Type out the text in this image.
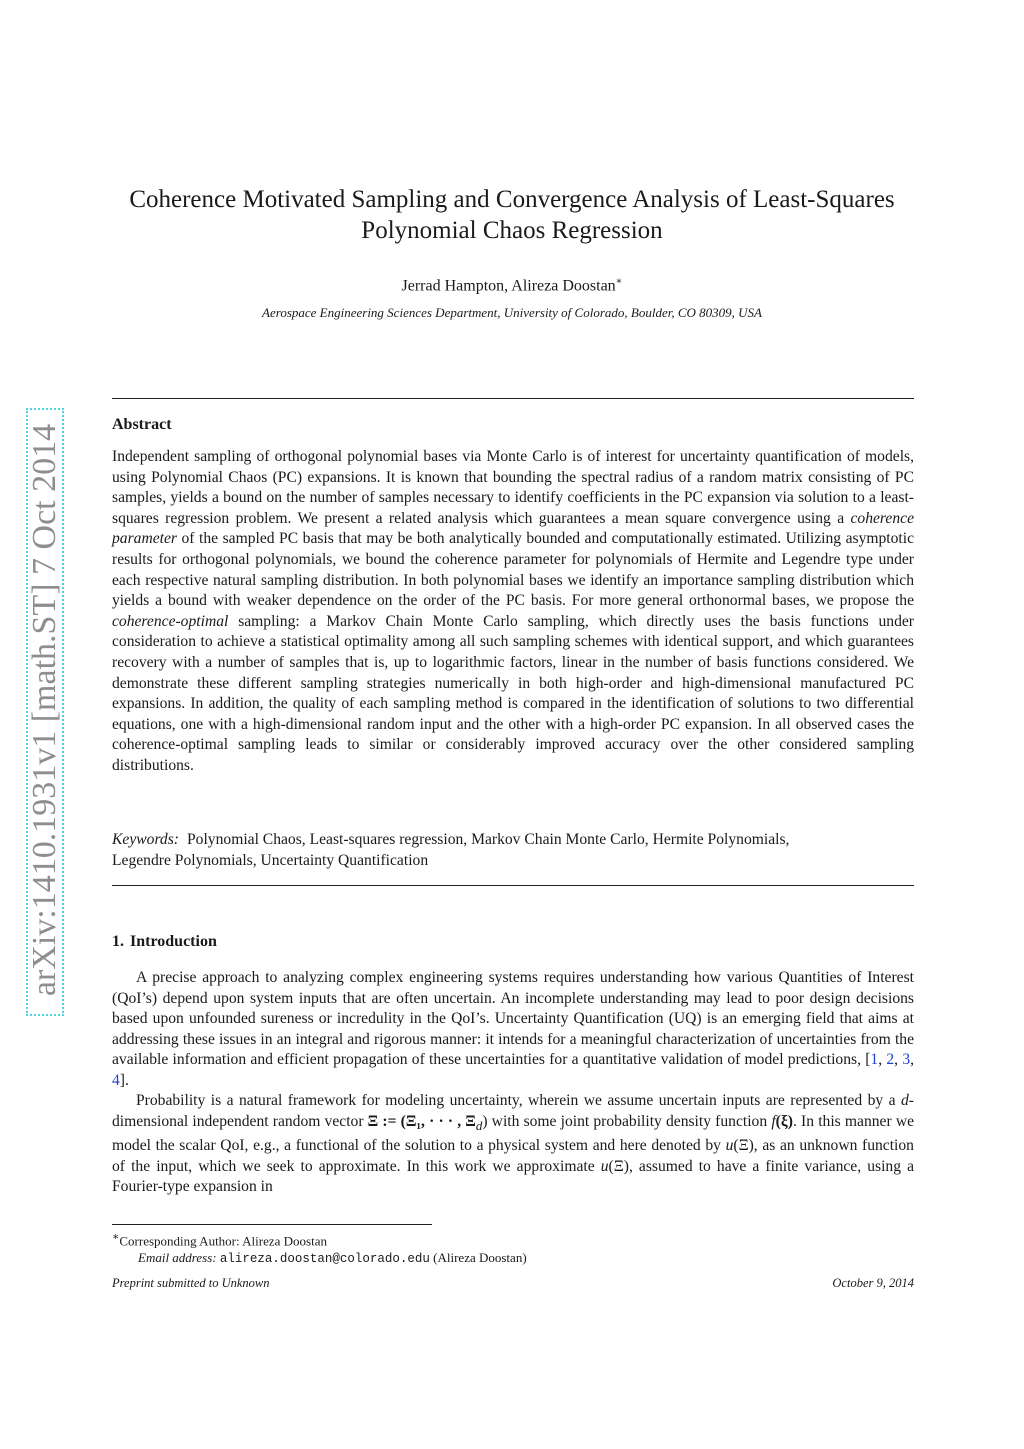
arXiv:1410.1931v1 [math.ST] 7 Oct 2014
Coherence Motivated Sampling and Convergence Analysis of Least-Squares
Polynomial Chaos Regression
Jerrad Hampton, Alireza Doostan∗
Aerospace Engineering Sciences Department, University of Colorado, Boulder, CO 80309, USA
Abstract
Independent sampling of orthogonal polynomial bases via Monte Carlo is of interest for uncertainty quantification of models, using Polynomial Chaos (PC) expansions. It is known that bounding the spectral radius of a random matrix consisting of PC samples, yields a bound on the number of samples necessary to identify coefficients in the PC expansion via solution to a least-squares regression problem. We present a related analysis which guarantees a mean square convergence using a coherence parameter of the sampled PC basis that may be both analytically bounded and computationally estimated. Utilizing asymptotic results for orthogonal polynomials, we bound the coherence parameter for polynomials of Hermite and Legendre type under each respective natural sampling distribution. In both polynomial bases we identify an importance sampling distribution which yields a bound with weaker dependence on the order of the PC basis. For more general orthonormal bases, we propose the coherence-optimal sampling: a Markov Chain Monte Carlo sampling, which directly uses the basis functions under consideration to achieve a statistical optimality among all such sampling schemes with identical support, and which guarantees recovery with a number of samples that is, up to logarithmic factors, linear in the number of basis functions considered. We demonstrate these different sampling strategies numerically in both high-order and high-dimensional manufactured PC expansions. In addition, the quality of each sampling method is compared in the identification of solutions to two differential equations, one with a high-dimensional random input and the other with a high-order PC expansion. In all observed cases the coherence-optimal sampling leads to similar or considerably improved accuracy over the other considered sampling distributions.
Keywords: Polynomial Chaos, Least-squares regression, Markov Chain Monte Carlo, Hermite Polynomials, Legendre Polynomials, Uncertainty Quantification
1. Introduction
A precise approach to analyzing complex engineering systems requires understanding how various Quantities of Interest (QoI’s) depend upon system inputs that are often uncertain. An incomplete understanding may lead to poor design decisions based upon unfounded sureness or incredulity in the QoI’s. Uncertainty Quantification (UQ) is an emerging field that aims at addressing these issues in an integral and rigorous manner: it intends for a meaningful characterization of uncertainties from the available information and efficient propagation of these uncertainties for a quantitative validation of model predictions, [1, 2, 3, 4].
Probability is a natural framework for modeling uncertainty, wherein we assume uncertain inputs are represented by a d-dimensional independent random vector Ξ := (Ξ₁, · · · , $\Xi_d$) with some joint probability density function f(ξ). In this manner we model the scalar QoI, e.g., a functional of the solution to a physical system and here denoted by u(Ξ), as an unknown function of the input, which we seek to approximate. In this work we approximate u(Ξ), assumed to have a finite variance, using a Fourier-type expansion in
∗Corresponding Author: Alireza Doostan
Email address: alireza.doostan@colorado.edu (Alireza Doostan)
Preprint submitted to Unknown	October 9, 2014
